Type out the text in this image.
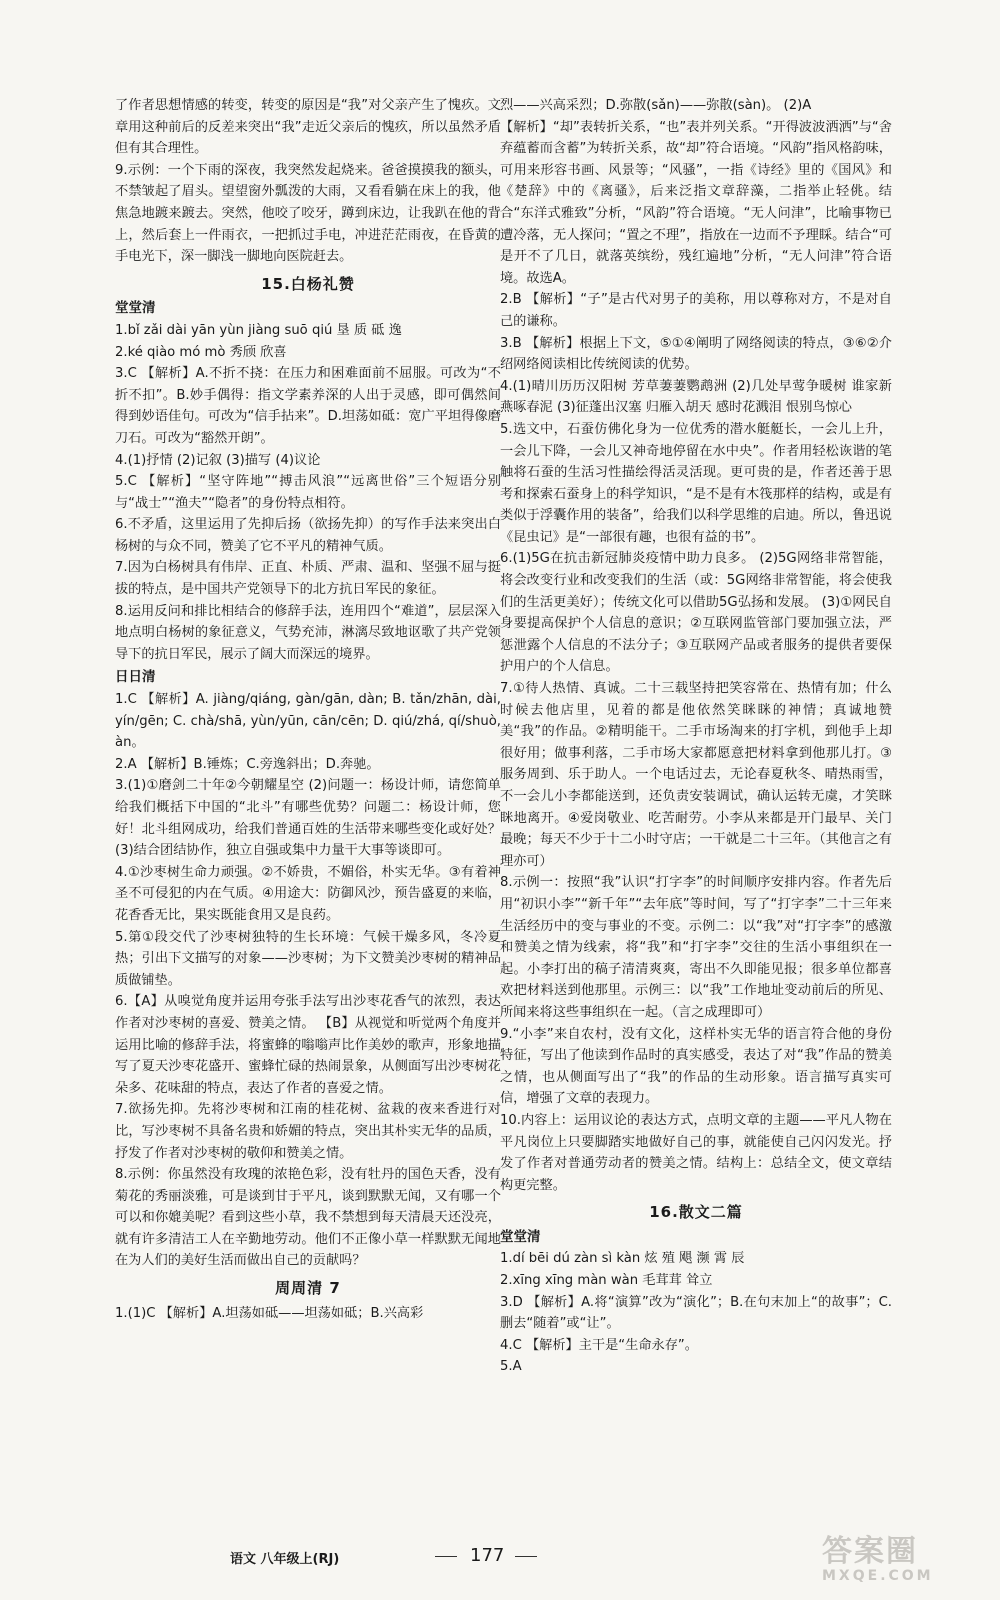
了作者思想情感的转变，转变的原因是“我”对父亲产生了愧疚。文章用这种前后的反差来突出“我”走近父亲后的愧疚，所以虽然矛盾但有其合理性。
9.示例：一个下雨的深夜，我突然发起烧来。爸爸摸摸我的额头，不禁皱起了眉头。望望窗外瓢泼的大雨，又看看躺在床上的我，他焦急地踱来踱去。突然，他咬了咬牙，蹲到床边，让我趴在他的背上，然后套上一件雨衣，一把抓过手电，冲进茫茫雨夜，在昏黄的手电光下，深一脚浅一脚地向医院赶去。
15.白杨礼赞
堂堂清
1.bǐ zǎi dài yān yùn jiàng suō qiú 垦 质 砥 逸
2.ké qiào mó mò 秀颀 欣喜
3.C 【解析】A.不折不挠：在压力和困难面前不屈服。可改为“不折不扣”。B.妙手偶得：指文学素养深的人出于灵感，即可偶然间得到妙语佳句。可改为“信手拈来”。D.坦荡如砥：宽广平坦得像磨刀石。可改为“豁然开朗”。
4.(1)抒情 (2)记叙 (3)描写 (4)议论
5.C 【解析】“坚守阵地”“搏击风浪”“远离世俗”三个短语分别与“战士”“渔夫”“隐者”的身份特点相符。
6.不矛盾，这里运用了先抑后扬（欲扬先抑）的写作手法来突出白杨树的与众不同，赞美了它不平凡的精神气质。
7.因为白杨树具有伟岸、正直、朴质、严肃、温和、坚强不屈与挺拔的特点，是中国共产党领导下的北方抗日军民的象征。
8.运用反问和排比相结合的修辞手法，连用四个“难道”，层层深入地点明白杨树的象征意义，气势充沛，淋漓尽致地讴歌了共产党领导下的抗日军民，展示了阔大而深远的境界。
日日清
1.C 【解析】A. jiàng/qiáng, gàn/gān, dàn; B. tǎn/zhān, dài, yín/gēn; C. chà/shā, yùn/yūn, cān/cēn; D. qiú/zhá, qí/shuò, àn。
2.A 【解析】B.锤炼；C.旁逸斜出；D.奔驰。
3.(1)①磨剑二十年②今朝耀星空 (2)问题一：杨设计师，请您简单给我们概括下中国的“北斗”有哪些优势？问题二：杨设计师，您好！北斗组网成功，给我们普通百姓的生活带来哪些变化或好处？ (3)结合团结协作，独立自强或集中力量干大事等谈即可。
4.①沙枣树生命力顽强。②不娇贵，不媚俗，朴实无华。③有着神圣不可侵犯的内在气质。④用途大：防御风沙，预告盛夏的来临，花香香无比，果实既能食用又是良药。
5.第①段交代了沙枣树独特的生长环境：气候干燥多风，冬冷夏热；引出下文描写的对象——沙枣树；为下文赞美沙枣树的精神品质做铺垫。
6.【A】从嗅觉角度并运用夸张手法写出沙枣花香气的浓烈，表达作者对沙枣树的喜爱、赞美之情。 【B】从视觉和听觉两个角度并运用比喻的修辞手法，将蜜蜂的嗡嗡声比作美妙的歌声，形象地描写了夏天沙枣花盛开、蜜蜂忙碌的热闹景象，从侧面写出沙枣树花朵多、花味甜的特点，表达了作者的喜爱之情。
7.欲扬先抑。先将沙枣树和江南的桂花树、盆栽的夜来香进行对比，写沙枣树不具备名贵和娇媚的特点，突出其朴实无华的品质，抒发了作者对沙枣树的敬仰和赞美之情。
8.示例：你虽然没有玫瑰的浓艳色彩，没有牡丹的国色天香，没有菊花的秀丽淡雅，可是谈到甘于平凡，谈到默默无闻，又有哪一个可以和你媲美呢？看到这些小草，我不禁想到每天清晨天还没亮，就有许多清洁工人在辛勤地劳动。他们不正像小草一样默默无闻地在为人们的美好生活而做出自己的贡献吗？
周周清 7
1.(1)C 【解析】A.坦荡如砥——坦荡如砥；B.兴高彩
烈——兴高采烈；D.弥散(sǎn)——弥散(sàn)。 (2)A
【解析】“却”表转折关系，“也”表并列关系。“开得波波洒洒”与“舍弃蕴蓄而含蓄”为转折关系，故“却”符合语境。“风韵”指风格韵味，可用来形容书画、风景等；“风骚”，一指《诗经》里的《国风》和《楚辞》中的《离骚》，后来泛指文章辞藻，二指举止轻佻。结合“东洋式雅致”分析，“风韵”符合语境。“无人问津”，比喻事物已遭冷落，无人探问；“置之不理”，指放在一边而不予理睬。结合“可是开不了几日，就落英缤纷，残红遍地”分析，“无人问津”符合语境。故选A。
2.B 【解析】“子”是古代对男子的美称，用以尊称对方，不是对自己的谦称。
3.B 【解析】根据上下文，⑤①④阐明了网络阅读的特点，③⑥②介绍网络阅读相比传统阅读的优势。
4.(1)晴川历历汉阳树 芳草萋萋鹦鹉洲 (2)几处早莺争暖树 谁家新燕啄春泥 (3)征蓬出汉塞 归雁入胡天 感时花溅泪 恨别鸟惊心
5.选文中，石蚕仿佛化身为一位优秀的潜水艇艇长，一会儿上升，一会儿下降，一会儿又神奇地停留在水中央”。作者用轻松诙谐的笔触将石蚕的生活习性描绘得活灵活现。更可贵的是，作者还善于思考和探索石蚕身上的科学知识，“是不是有木筏那样的结构，或是有类似于浮囊作用的装备”，给我们以科学思维的启迪。所以，鲁迅说《昆虫记》是“一部很有趣，也很有益的书”。
6.(1)5G在抗击新冠肺炎疫情中助力良多。 (2)5G网络非常智能，将会改变行业和改变我们的生活（或：5G网络非常智能，将会使我们的生活更美好）；传统文化可以借助5G弘扬和发展。 (3)①网民自身要提高保护个人信息的意识；②互联网监管部门要加强立法，严惩泄露个人信息的不法分子；③互联网产品或者服务的提供者要保护用户的个人信息。
7.①待人热情、真诚。二十三载坚持把笑容常在、热情有加；什么时候去他店里，见着的都是他依然笑眯眯的神情；真诚地赞美“我”的作品。②精明能干。二手市场淘来的打字机，到他手上却很好用；做事利落，二手市场大家都愿意把材料拿到他那儿打。③服务周到、乐于助人。一个电话过去，无论春夏秋冬、晴热雨雪，不一会儿小李都能送到，还负责安装调试，确认运转无虞，才笑眯眯地离开。④爱岗敬业、吃苦耐劳。小李从来都是开门最早、关门最晚；每天不少于十二小时守店；一干就是二十三年。（其他言之有理亦可）
8.示例一：按照“我”认识“打字李”的时间顺序安排内容。作者先后用“初识小李”“新千年”“去年底”等时间，写了“打字李”二十三年来生活经历中的变与事业的不变。示例二：以“我”对“打字李”的感激和赞美之情为线索，将“我”和“打字李”交往的生活小事组织在一起。小李打出的稿子清清爽爽，寄出不久即能见报；很多单位都喜欢把材料送到他那里。示例三：以“我”工作地址变动前后的所见、所闻来将这些事组织在一起。（言之成理即可）
9.“小李”来自农村，没有文化，这样朴实无华的语言符合他的身份特征，写出了他读到作品时的真实感受，表达了对“我”作品的赞美之情，也从侧面写出了“我”的作品的生动形象。语言描写真实可信，增强了文章的表现力。
10.内容上：运用议论的表达方式，点明文章的主题——平凡人物在平凡岗位上只要脚踏实地做好自己的事，就能使自己闪闪发光。抒发了作者对普通劳动者的赞美之情。结构上：总结全文，使文章结构更完整。
16.散文二篇
堂堂清
1.dí bēi dú zàn sì kàn 炫 殖 飓 濒 霄 辰
2.xīng xīng màn wàn 毛茸茸 耸立
3.D 【解析】A.将“演算”改为“演化”；B.在句末加上“的故事”；C.删去“随着”或“让”。
4.C 【解析】主干是“生命永存”。
5.A
语文 八年级上(RJ)	177	答案圈
MXQE.COM
